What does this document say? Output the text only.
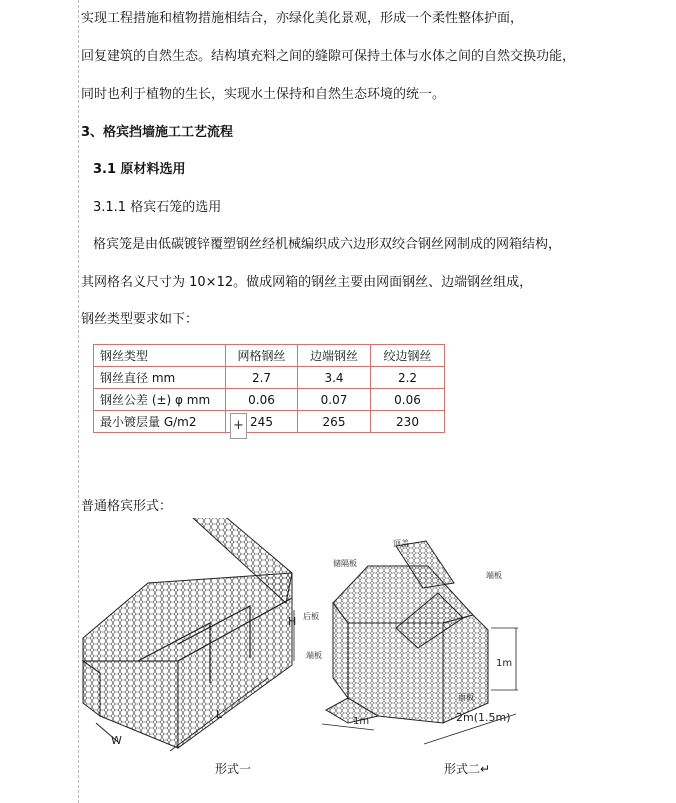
实现工程措施和植物措施相结合，亦绿化美化景观，形成一个柔性整体护面，
回复建筑的自然生态。结构填充料之间的缝隙可保持土体与水体之间的自然交换功能，
同时也利于植物的生长，实现水土保持和自然生态环境的统一。
3、格宾挡墙施工工艺流程
3.1 原材料选用
3.1.1 格宾石笼的选用
格宾笼是由低碳镀锌覆塑钢丝经机械编织成六边形双绞合钢丝网制成的网箱结构，
其网格名义尺寸为 10×12。做成网箱的钢丝主要由网面钢丝、边端钢丝组成，
钢丝类型要求如下：
钢丝类型	网格钢丝	边端钢丝	绞边钢丝
钢丝直径 mm	2.7	3.4	2.2
钢丝公差 (±) φ mm	0.06	0.07	0.06
最小镀层量 G/m2	245	265	230
+
普通格宾形式：
W
L
H
形式一
顶盖
储隔板
端板
后板
端板
面板
1m
1m	2m(1.5m)
形式二↵
